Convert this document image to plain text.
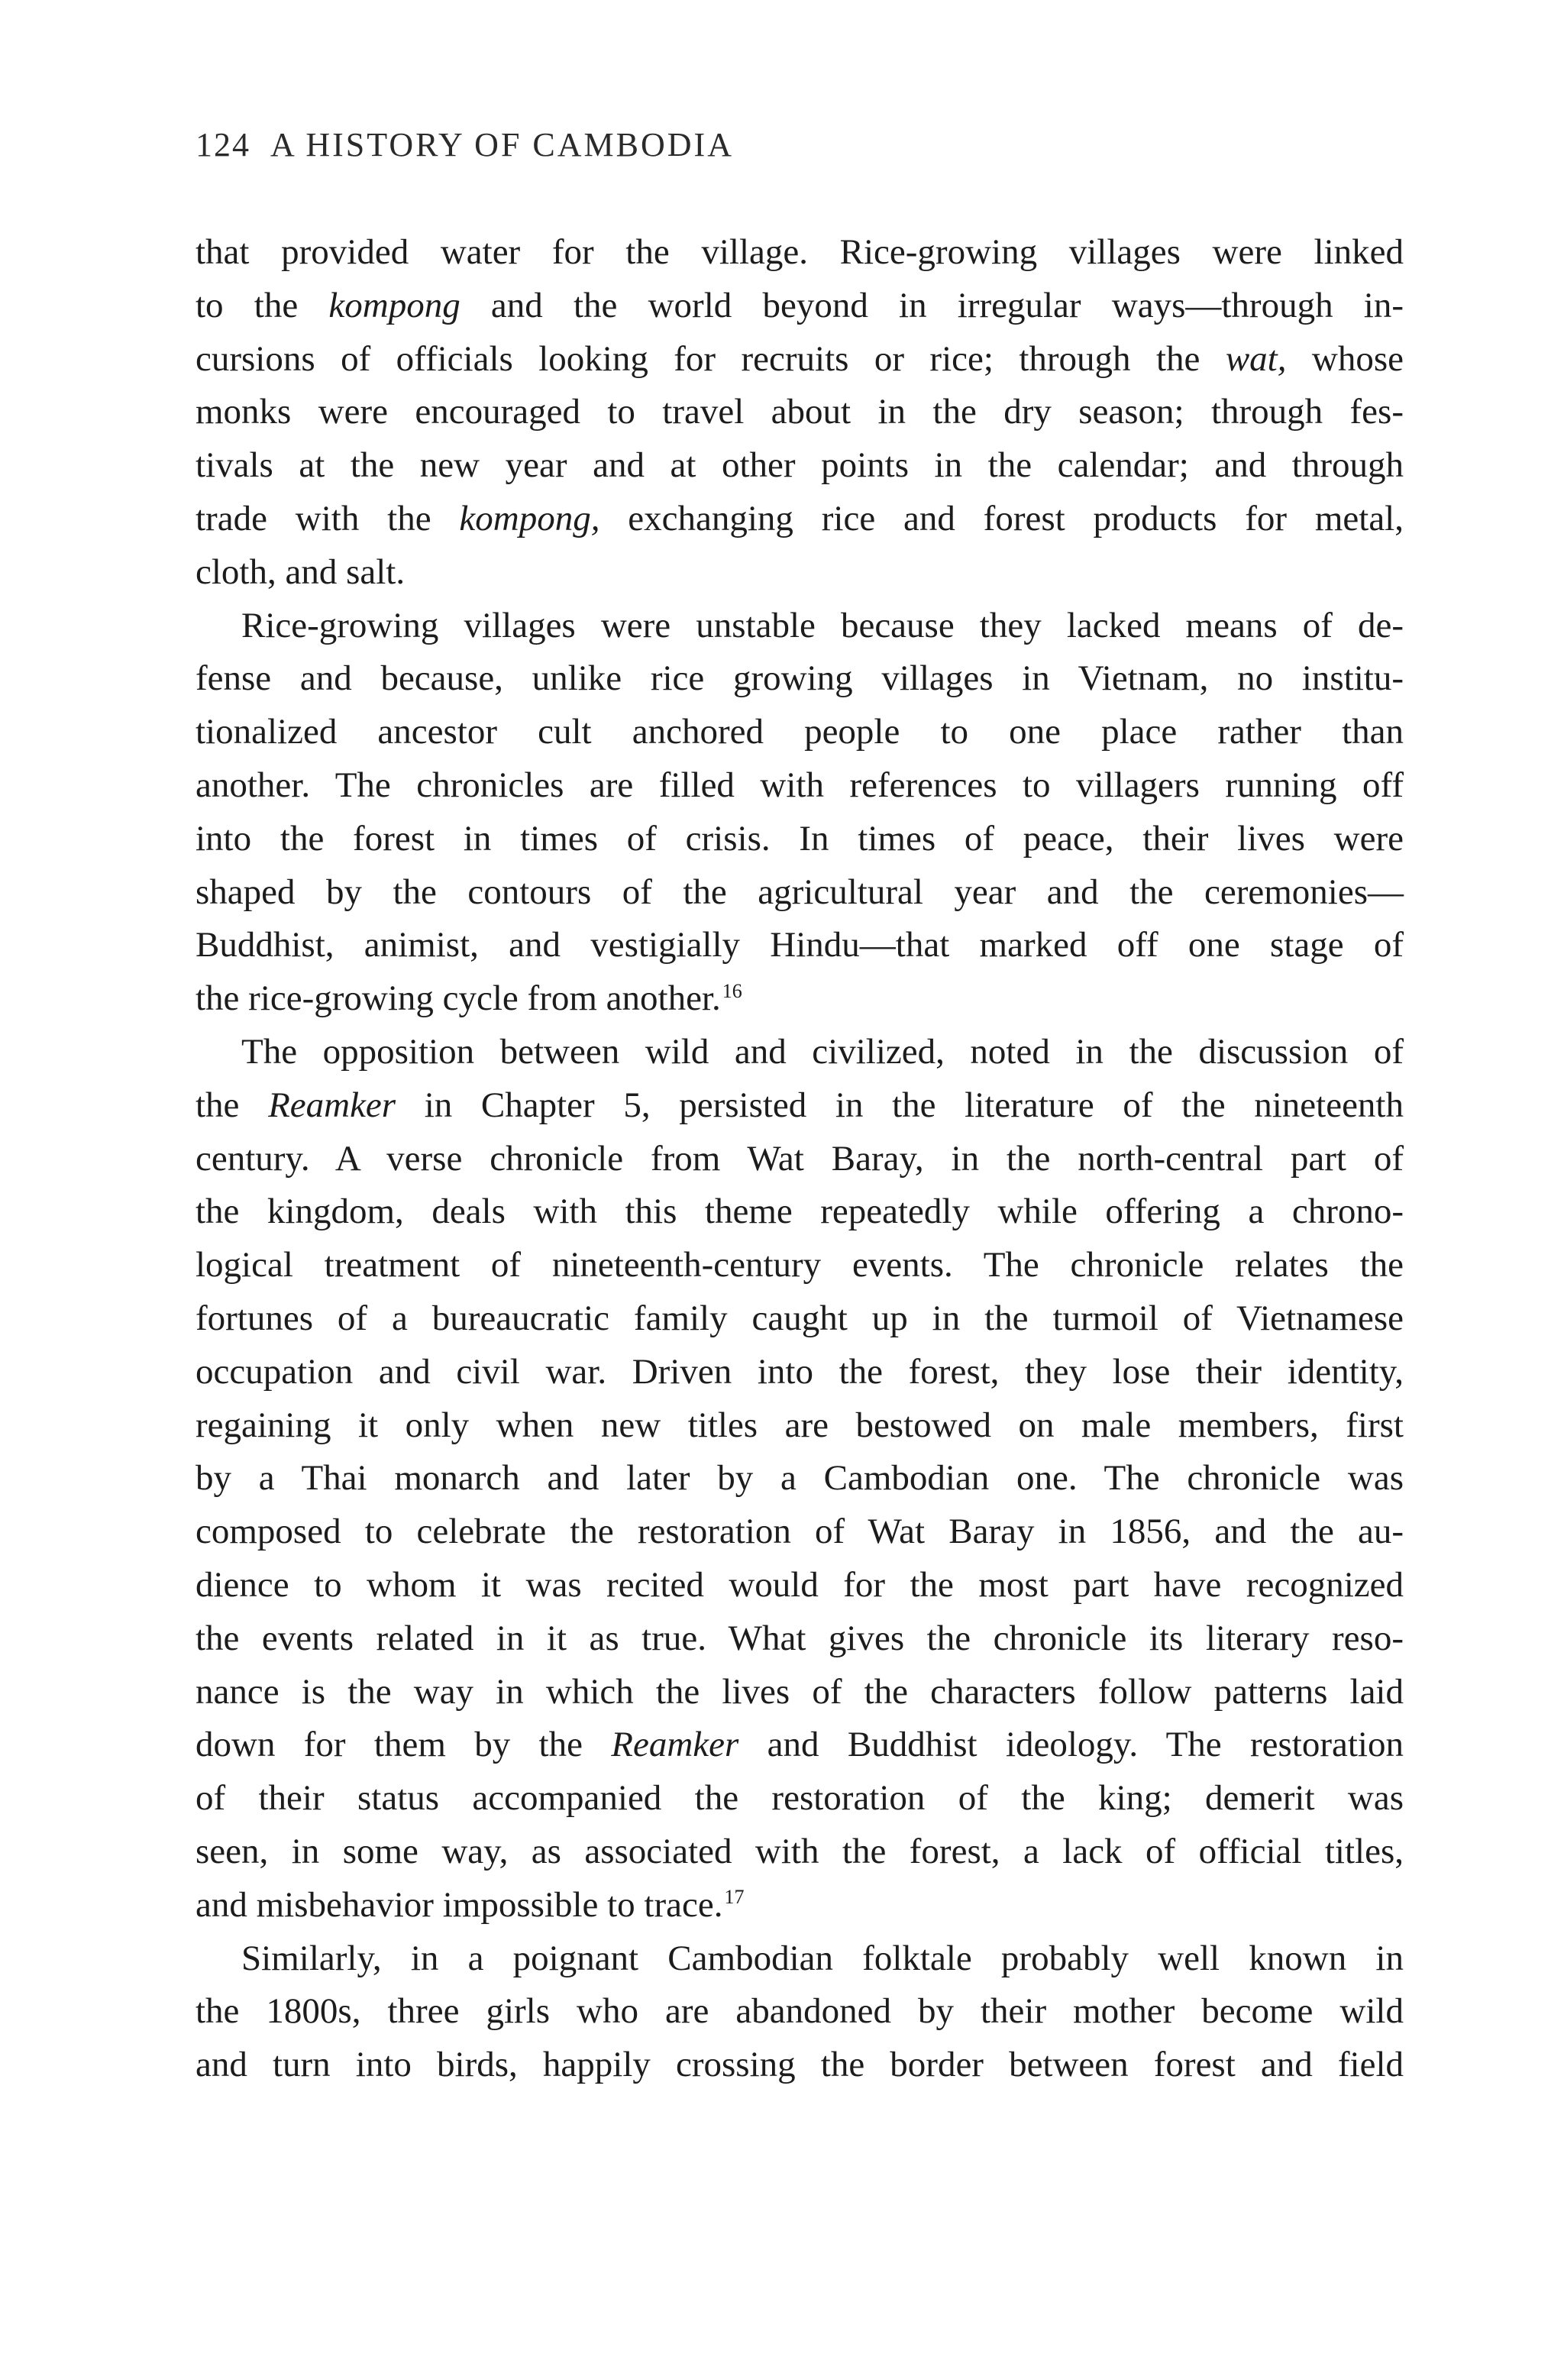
124 A HISTORY OF CAMBODIA

that provided water for the village. Rice-growing villages were linked
to the kompong and the world beyond in irregular ways—through in-
cursions of officials looking for recruits or rice; through the wat, whose
monks were encouraged to travel about in the dry season; through fes-
tivals at the new year and at other points in the calendar; and through
trade with the kompong, exchanging rice and forest products for metal,
cloth, and salt.

Rice-growing villages were unstable because they lacked means of de-
fense and because, unlike rice growing villages in Vietnam, no institu-
tionalized ancestor cult anchored people to one place rather than
another. The chronicles are filled with references to villagers running off
into the forest in times of crisis. In times of peace, their lives were
shaped by the contours of the agricultural year and the ceremonies—
Buddhist, animist, and vestigially Hindu—that marked off one stage of
the rice-growing cycle from another.$^{16}$

The opposition between wild and civilized, noted in the discussion of
the Reamker in Chapter 5, persisted in the literature of the nineteenth
century. A verse chronicle from Wat Baray, in the north-central part of
the kingdom, deals with this theme repeatedly while offering a chrono-
logical treatment of nineteenth-century events. The chronicle relates the
fortunes of a bureaucratic family caught up in the turmoil of Vietnamese
occupation and civil war. Driven into the forest, they lose their identity,
regaining it only when new titles are bestowed on male members, first
by a Thai monarch and later by a Cambodian one. The chronicle was
composed to celebrate the restoration of Wat Baray in 1856, and the au-
dience to whom it was recited would for the most part have recognized
the events related in it as true. What gives the chronicle its literary reso-
nance is the way in which the lives of the characters follow patterns laid
down for them by the Reamker and Buddhist ideology. The restoration
of their status accompanied the restoration of the king; demerit was
seen, in some way, as associated with the forest, a lack of official titles,
and misbehavior impossible to trace.$^{17}$

Similarly, in a poignant Cambodian folktale probably well known in
the 1800s, three girls who are abandoned by their mother become wild
and turn into birds, happily crossing the border between forest and field
